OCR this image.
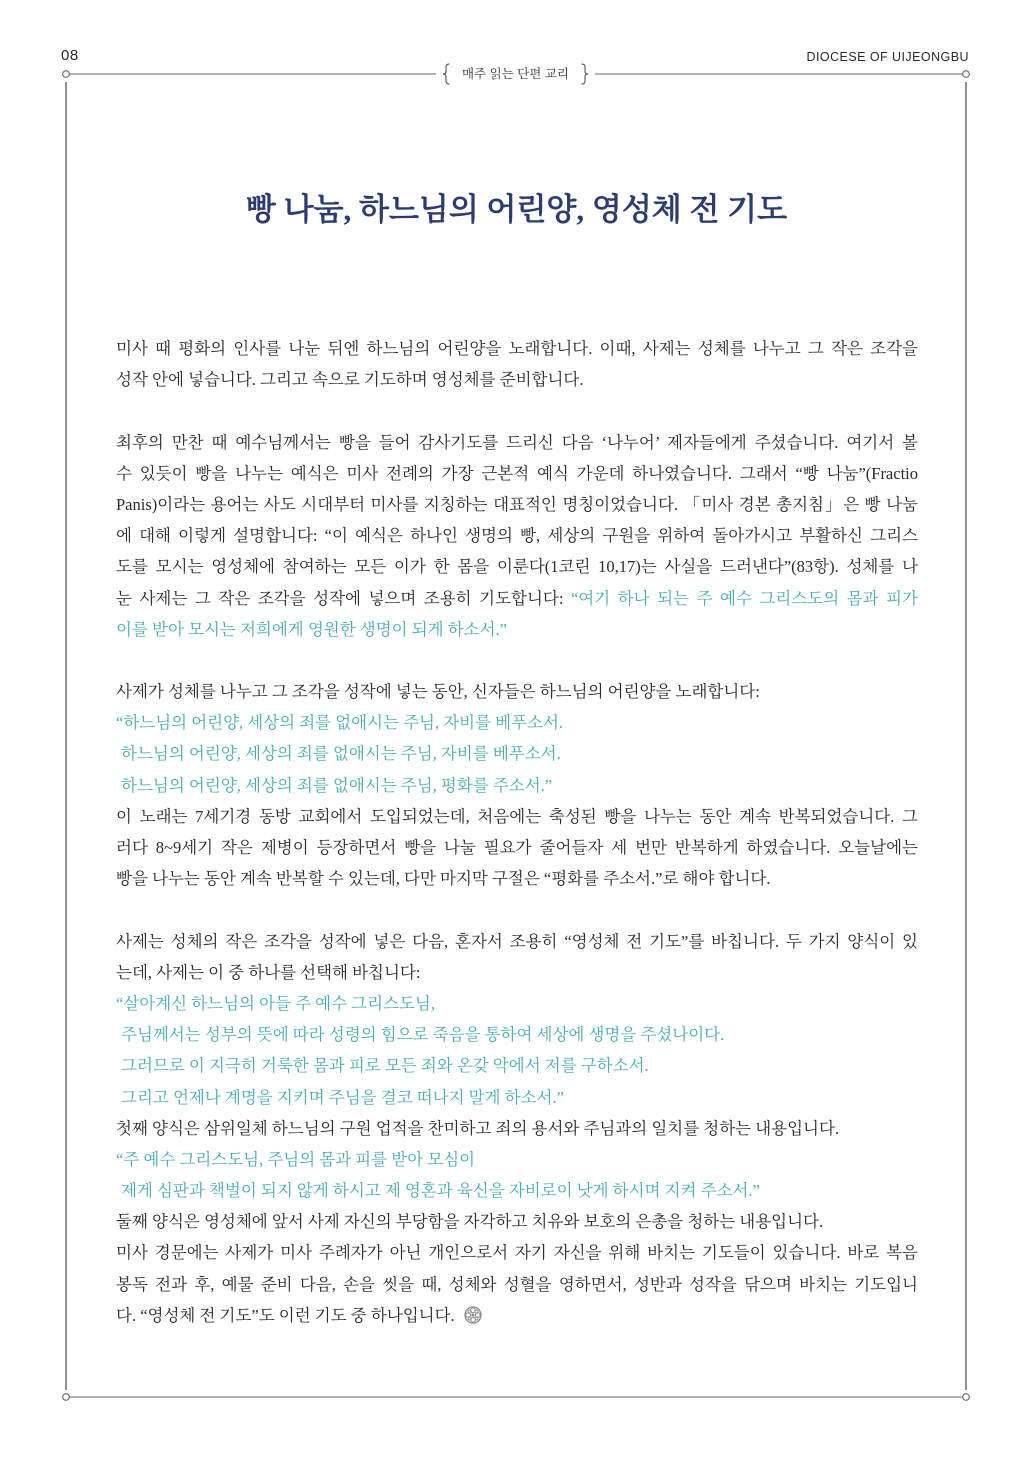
08	DIOCESE OF UIJEONGBU
매주 읽는 단편 교리
빵 나눔, 하느님의 어린양, 영성체 전 기도
미사 때 평화의 인사를 나눈 뒤엔 하느님의 어린양을 노래합니다. 이때, 사제는 성체를 나누고 그 작은 조각을
성작 안에 넣습니다. 그리고 속으로 기도하며 영성체를 준비합니다.
최후의 만찬 때 예수님께서는 빵을 들어 감사기도를 드리신 다음 ‘나누어’ 제자들에게 주셨습니다. 여기서 볼
수 있듯이 빵을 나누는 예식은 미사 전례의 가장 근본적 예식 가운데 하나였습니다. 그래서 “빵 나눔”(Fractio
Panis)이라는 용어는 사도 시대부터 미사를 지칭하는 대표적인 명칭이었습니다. 「미사 경본 총지침」은 빵 나눔
에 대해 이렇게 설명합니다: “이 예식은 하나인 생명의 빵, 세상의 구원을 위하여 돌아가시고 부활하신 그리스
도를 모시는 영성체에 참여하는 모든 이가 한 몸을 이룬다(1코린 10,17)는 사실을 드러낸다”(83항). 성체를 나
눈 사제는 그 작은 조각을 성작에 넣으며 조용히 기도합니다: “여기 하나 되는 주 예수 그리스도의 몸과 피가
이를 받아 모시는 저희에게 영원한 생명이 되게 하소서.”
사제가 성체를 나누고 그 조각을 성작에 넣는 동안, 신자들은 하느님의 어린양을 노래합니다:
“하느님의 어린양, 세상의 죄를 없애시는 주님, 자비를 베푸소서.
하느님의 어린양, 세상의 죄를 없애시는 주님, 자비를 베푸소서.
하느님의 어린양, 세상의 죄를 없애시는 주님, 평화를 주소서.”
이 노래는 7세기경 동방 교회에서 도입되었는데, 처음에는 축성된 빵을 나누는 동안 계속 반복되었습니다. 그
러다 8~9세기 작은 제병이 등장하면서 빵을 나눌 필요가 줄어들자 세 번만 반복하게 하였습니다. 오늘날에는
빵을 나누는 동안 계속 반복할 수 있는데, 다만 마지막 구절은 “평화를 주소서.”로 해야 합니다.
사제는 성체의 작은 조각을 성작에 넣은 다음, 혼자서 조용히 “영성체 전 기도”를 바칩니다. 두 가지 양식이 있
는데, 사제는 이 중 하나를 선택해 바칩니다:
“살아계신 하느님의 아들 주 예수 그리스도님,
주님께서는 성부의 뜻에 따라 성령의 힘으로 죽음을 통하여 세상에 생명을 주셨나이다.
그러므로 이 지극히 거룩한 몸과 피로 모든 죄와 온갖 악에서 저를 구하소서.
그리고 언제나 계명을 지키며 주님을 결코 떠나지 말게 하소서.”
첫째 양식은 삼위일체 하느님의 구원 업적을 찬미하고 죄의 용서와 주님과의 일치를 청하는 내용입니다.
“주 예수 그리스도님, 주님의 몸과 피를 받아 모심이
제게 심판과 책벌이 되지 않게 하시고 제 영혼과 육신을 자비로이 낫게 하시며 지켜 주소서.”
둘째 양식은 영성체에 앞서 사제 자신의 부당함을 자각하고 치유와 보호의 은총을 청하는 내용입니다.
미사 경문에는 사제가 미사 주례자가 아닌 개인으로서 자기 자신을 위해 바치는 기도들이 있습니다. 바로 복음
봉독 전과 후, 예물 준비 다음, 손을 씻을 때, 성체와 성혈을 영하면서, 성반과 성작을 닦으며 바치는 기도입니
다. “영성체 전 기도”도 이런 기도 중 하나입니다.
